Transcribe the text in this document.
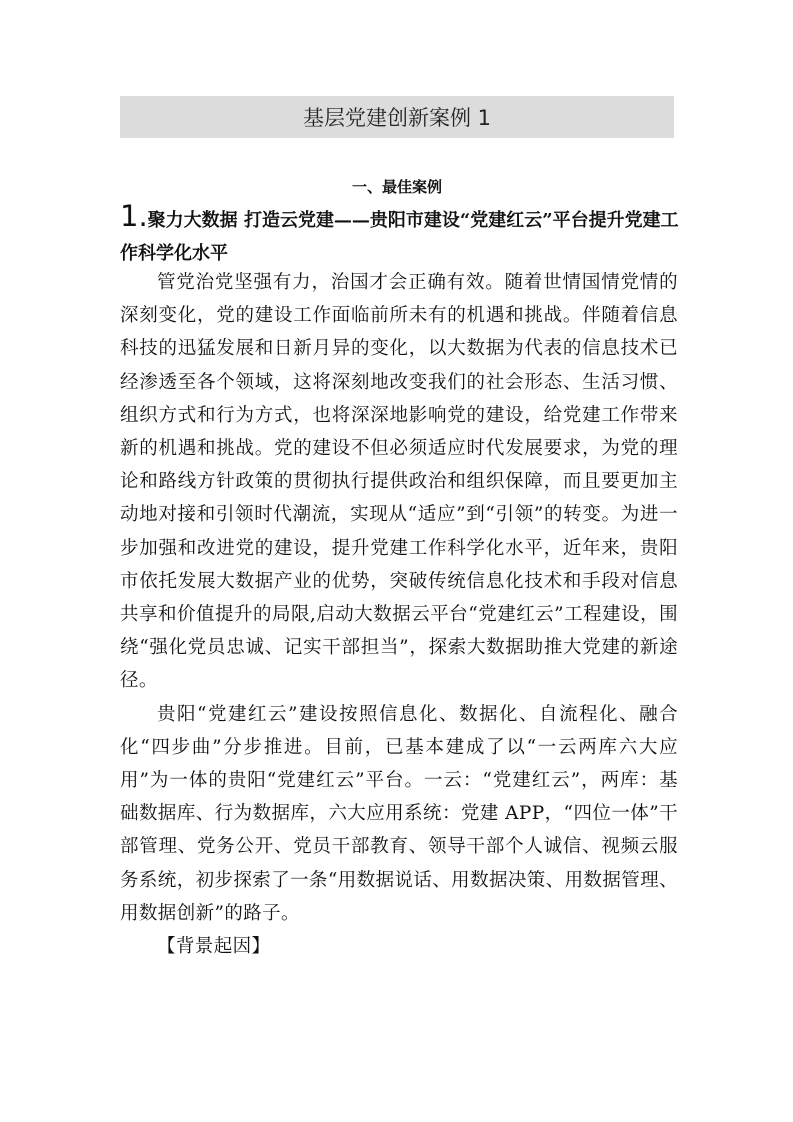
基层党建创新案例 1
一、最佳案例
1.聚力大数据 打造云党建——贵阳市建设“党建红云”平台提升党建工作科学化水平

管党治党坚强有力，治国才会正确有效。随着世情国情党情的深刻变化，党的建设工作面临前所未有的机遇和挑战。伴随着信息科技的迅猛发展和日新月异的变化，以大数据为代表的信息技术已经渗透至各个领域，这将深刻地改变我们的社会形态、生活习惯、组织方式和行为方式，也将深深地影响党的建设，给党建工作带来新的机遇和挑战。党的建设不但必须适应时代发展要求，为党的理论和路线方针政策的贯彻执行提供政治和组织保障，而且要更加主动地对接和引领时代潮流，实现从“适应”到“引领”的转变。为进一步加强和改进党的建设，提升党建工作科学化水平，近年来，贵阳市依托发展大数据产业的优势，突破传统信息化技术和手段对信息共享和价值提升的局限,启动大数据云平台“党建红云”工程建设，围绕“强化党员忠诚、记实干部担当”，探索大数据助推大党建的新途径。

贵阳“党建红云”建设按照信息化、数据化、自流程化、融合化“四步曲”分步推进。目前，已基本建成了以“一云两库六大应用”为一体的贵阳“党建红云”平台。一云：“党建红云”，两库：基础数据库、行为数据库，六大应用系统：党建 APP，“四位一体”干部管理、党务公开、党员干部教育、领导干部个人诚信、视频云服务系统，初步探索了一条“用数据说话、用数据决策、用数据管理、用数据创新”的路子。

【背景起因】
